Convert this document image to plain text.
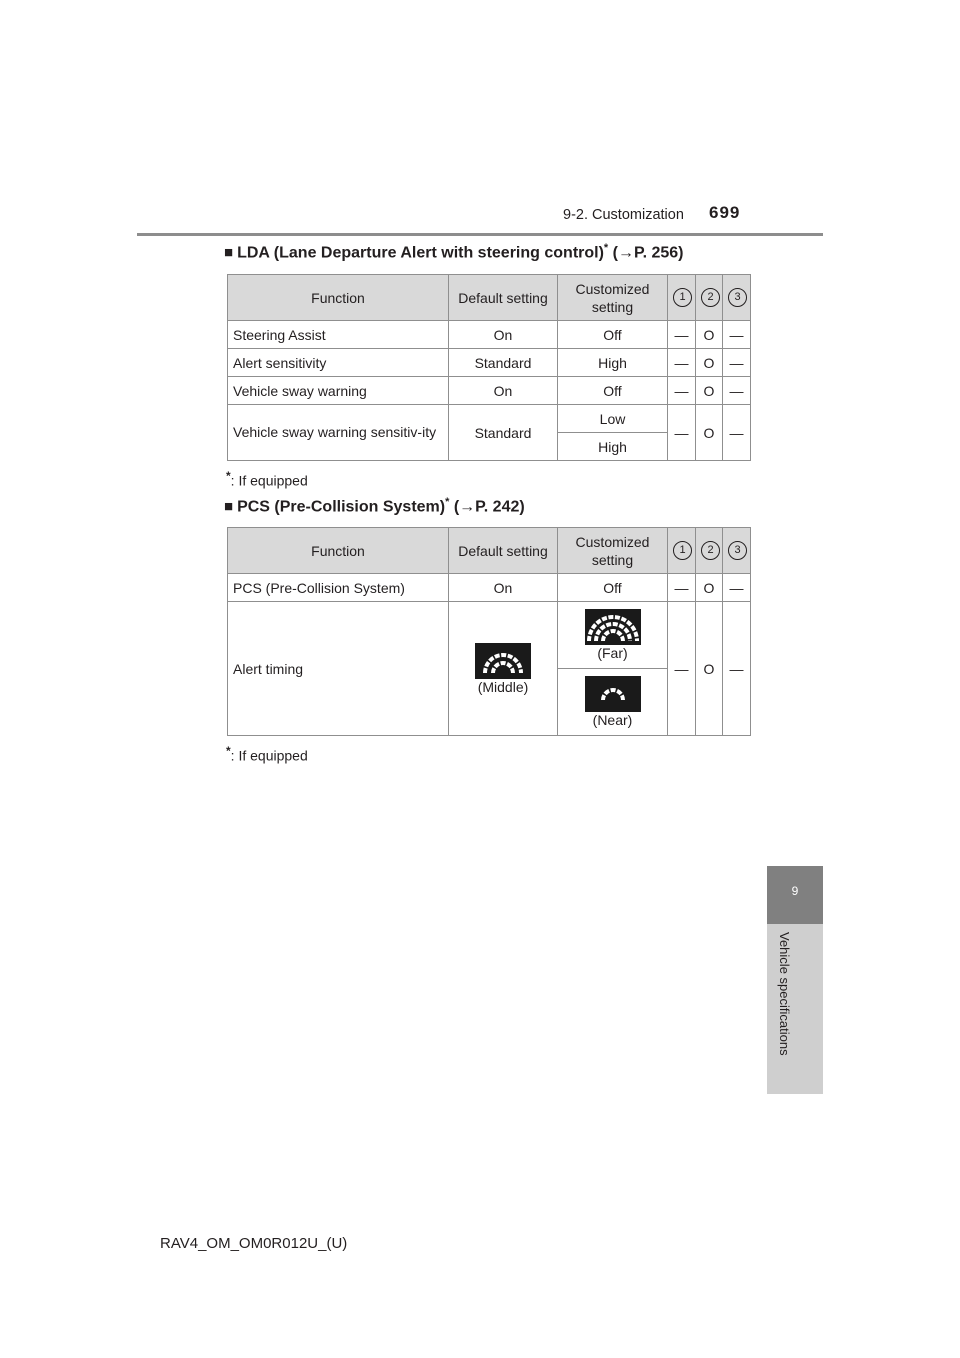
9-2. Customization 699
9
Vehicle specifications
■ LDA (Lane Departure Alert with steering control)* (→P. 256)
Function	Default setting	Customized setting	1	2	3
Steering Assist	On	Off	—	O	—
Alert sensitivity	Standard	High	—	O	—
Vehicle sway warning	On	Off	—	O	—
Vehicle sway warning sensitiv-ity	Standard	Low	—	O	—
		High			
*: If equipped
■ PCS (Pre-Collision System)* (→P. 242)
Function	Default setting	Customized setting	1	2	3
PCS (Pre-Collision System)	On	Off	—	O	—
Alert timing	(Middle)	(Far)	—	O	—

		(Near)			
*: If equipped
RAV4_OM_OM0R012U_(U)
